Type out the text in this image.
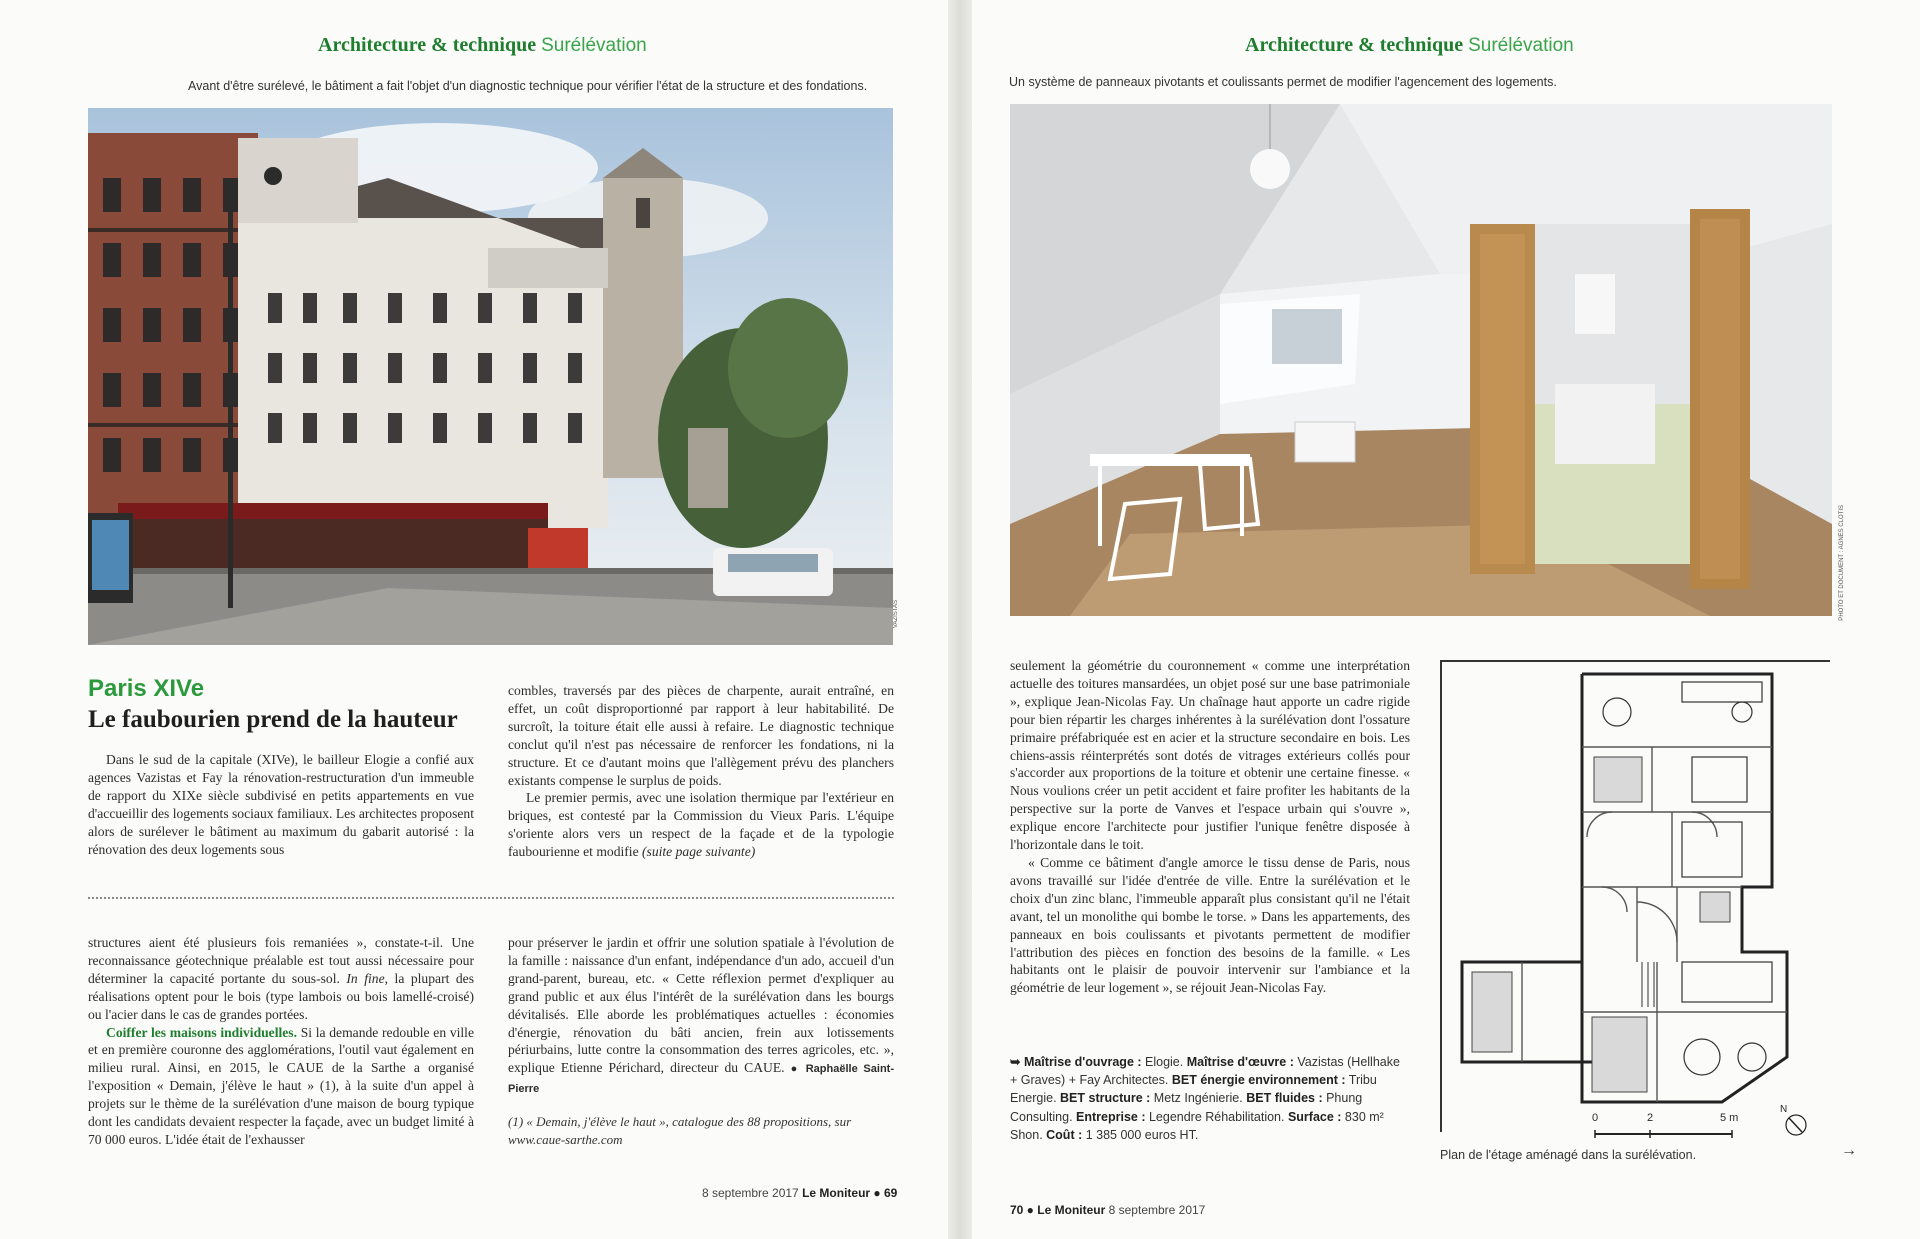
Architecture & technique Surélévation
Avant d'être surélevé, le bâtiment a fait l'objet d'un diagnostic technique pour vérifier l'état de la structure et des fondations.
VAZISTAS
Paris XIVe
Le faubourien prend de la hauteur

Dans le sud de la capitale (XIVe), le bailleur Elogie a confié aux agences Vazistas et Fay la rénovation-restructuration d'un immeuble de rapport du XIXe siècle subdivisé en petits appartements en vue d'accueillir des logements sociaux familiaux. Les architectes proposent alors de surélever le bâtiment au maximum du gabarit autorisé : la rénovation des deux logements sous

combles, traversés par des pièces de charpente, aurait entraîné, en effet, un coût disproportionné par rapport à leur habitabilité. De surcroît, la toiture était elle aussi à refaire. Le diagnostic technique conclut qu'il n'est pas nécessaire de renforcer les fondations, ni la structure. Et ce d'autant moins que l'allègement prévu des planchers existants compense le surplus de poids.

Le premier permis, avec une isolation thermique par l'extérieur en briques, est contesté par la Commission du Vieux Paris. L'équipe s'oriente alors vers un respect de la façade et de la typologie faubourienne et modifie (suite page suivante)

structures aient été plusieurs fois remaniées », constate-t-il. Une reconnaissance géotechnique préalable est tout aussi nécessaire pour déterminer la capacité portante du sous-sol. In fine, la plupart des réalisations optent pour le bois (type lambois ou bois lamellé-croisé) ou l'acier dans le cas de grandes portées.

Coiffer les maisons individuelles. Si la demande redouble en ville et en première couronne des agglomérations, l'outil vaut également en milieu rural. Ainsi, en 2015, le CAUE de la Sarthe a organisé l'exposition « Demain, j'élève le haut » (1), à la suite d'un appel à projets sur le thème de la surélévation d'une maison de bourg typique dont les candidats devaient respecter la façade, avec un budget limité à 70 000 euros. L'idée était de l'exhausser

pour préserver le jardin et offrir une solution spatiale à l'évolution de la famille : naissance d'un enfant, indépendance d'un ado, accueil d'un grand-parent, bureau, etc. « Cette réflexion permet d'expliquer au grand public et aux élus l'intérêt de la surélévation dans les bourgs dévitalisés. Elle aborde les problématiques actuelles : économies d'énergie, rénovation du bâti ancien, frein aux lotissements périurbains, lutte contre la consommation des terres agricoles, etc. », explique Etienne Périchard, directeur du CAUE. ● Raphaëlle Saint-Pierre

(1) « Demain, j'élève le haut », catalogue des 88 propositions, sur www.caue-sarthe.com
8 septembre 2017 Le Moniteur ● 69
Architecture & technique Surélévation
Un système de panneaux pivotants et coulissants permet de modifier l'agencement des logements.
PHOTO ET DOCUMENT : AGNÈS CLOTIS

seulement la géométrie du couronnement « comme une interprétation actuelle des toitures mansardées, un objet posé sur une base patrimoniale », explique Jean-Nicolas Fay. Un chaînage haut apporte un cadre rigide pour bien répartir les charges inhérentes à la surélévation dont l'ossature primaire préfabriquée est en acier et la structure secondaire en bois. Les chiens-assis réinterprétés sont dotés de vitrages extérieurs collés pour s'accorder aux proportions de la toiture et obtenir une certaine finesse. « Nous voulions créer un petit accident et faire profiter les habitants de la perspective sur la porte de Vanves et l'espace urbain qui s'ouvre », explique encore l'architecte pour justifier l'unique fenêtre disposée à l'horizontale dans le toit.

« Comme ce bâtiment d'angle amorce le tissu dense de Paris, nous avons travaillé sur l'idée d'entrée de ville. Entre la surélévation et le choix d'un zinc blanc, l'immeuble apparaît plus consistant qu'il ne l'était avant, tel un monolithe qui bombe le torse. » Dans les appartements, des panneaux en bois coulissants et pivotants permettent de modifier l'attribution des pièces en fonction des besoins de la famille. « Les habitants ont le plaisir de pouvoir intervenir sur l'ambiance et la géométrie de leur logement », se réjouit Jean-Nicolas Fay.

➥ Maîtrise d'ouvrage : Elogie. Maîtrise d'œuvre : Vazistas (Hellhake + Graves) + Fay Architectes. BET énergie environnement : Tribu Energie. BET structure : Metz Ingénierie. BET fluides : Phung Consulting. Entreprise : Legendre Réhabilitation. Surface : 830 m² Shon. Coût : 1 385 000 euros HT.
0	2	5 m
N
Plan de l'étage aménagé dans la surélévation.	→
70 ● Le Moniteur 8 septembre 2017
